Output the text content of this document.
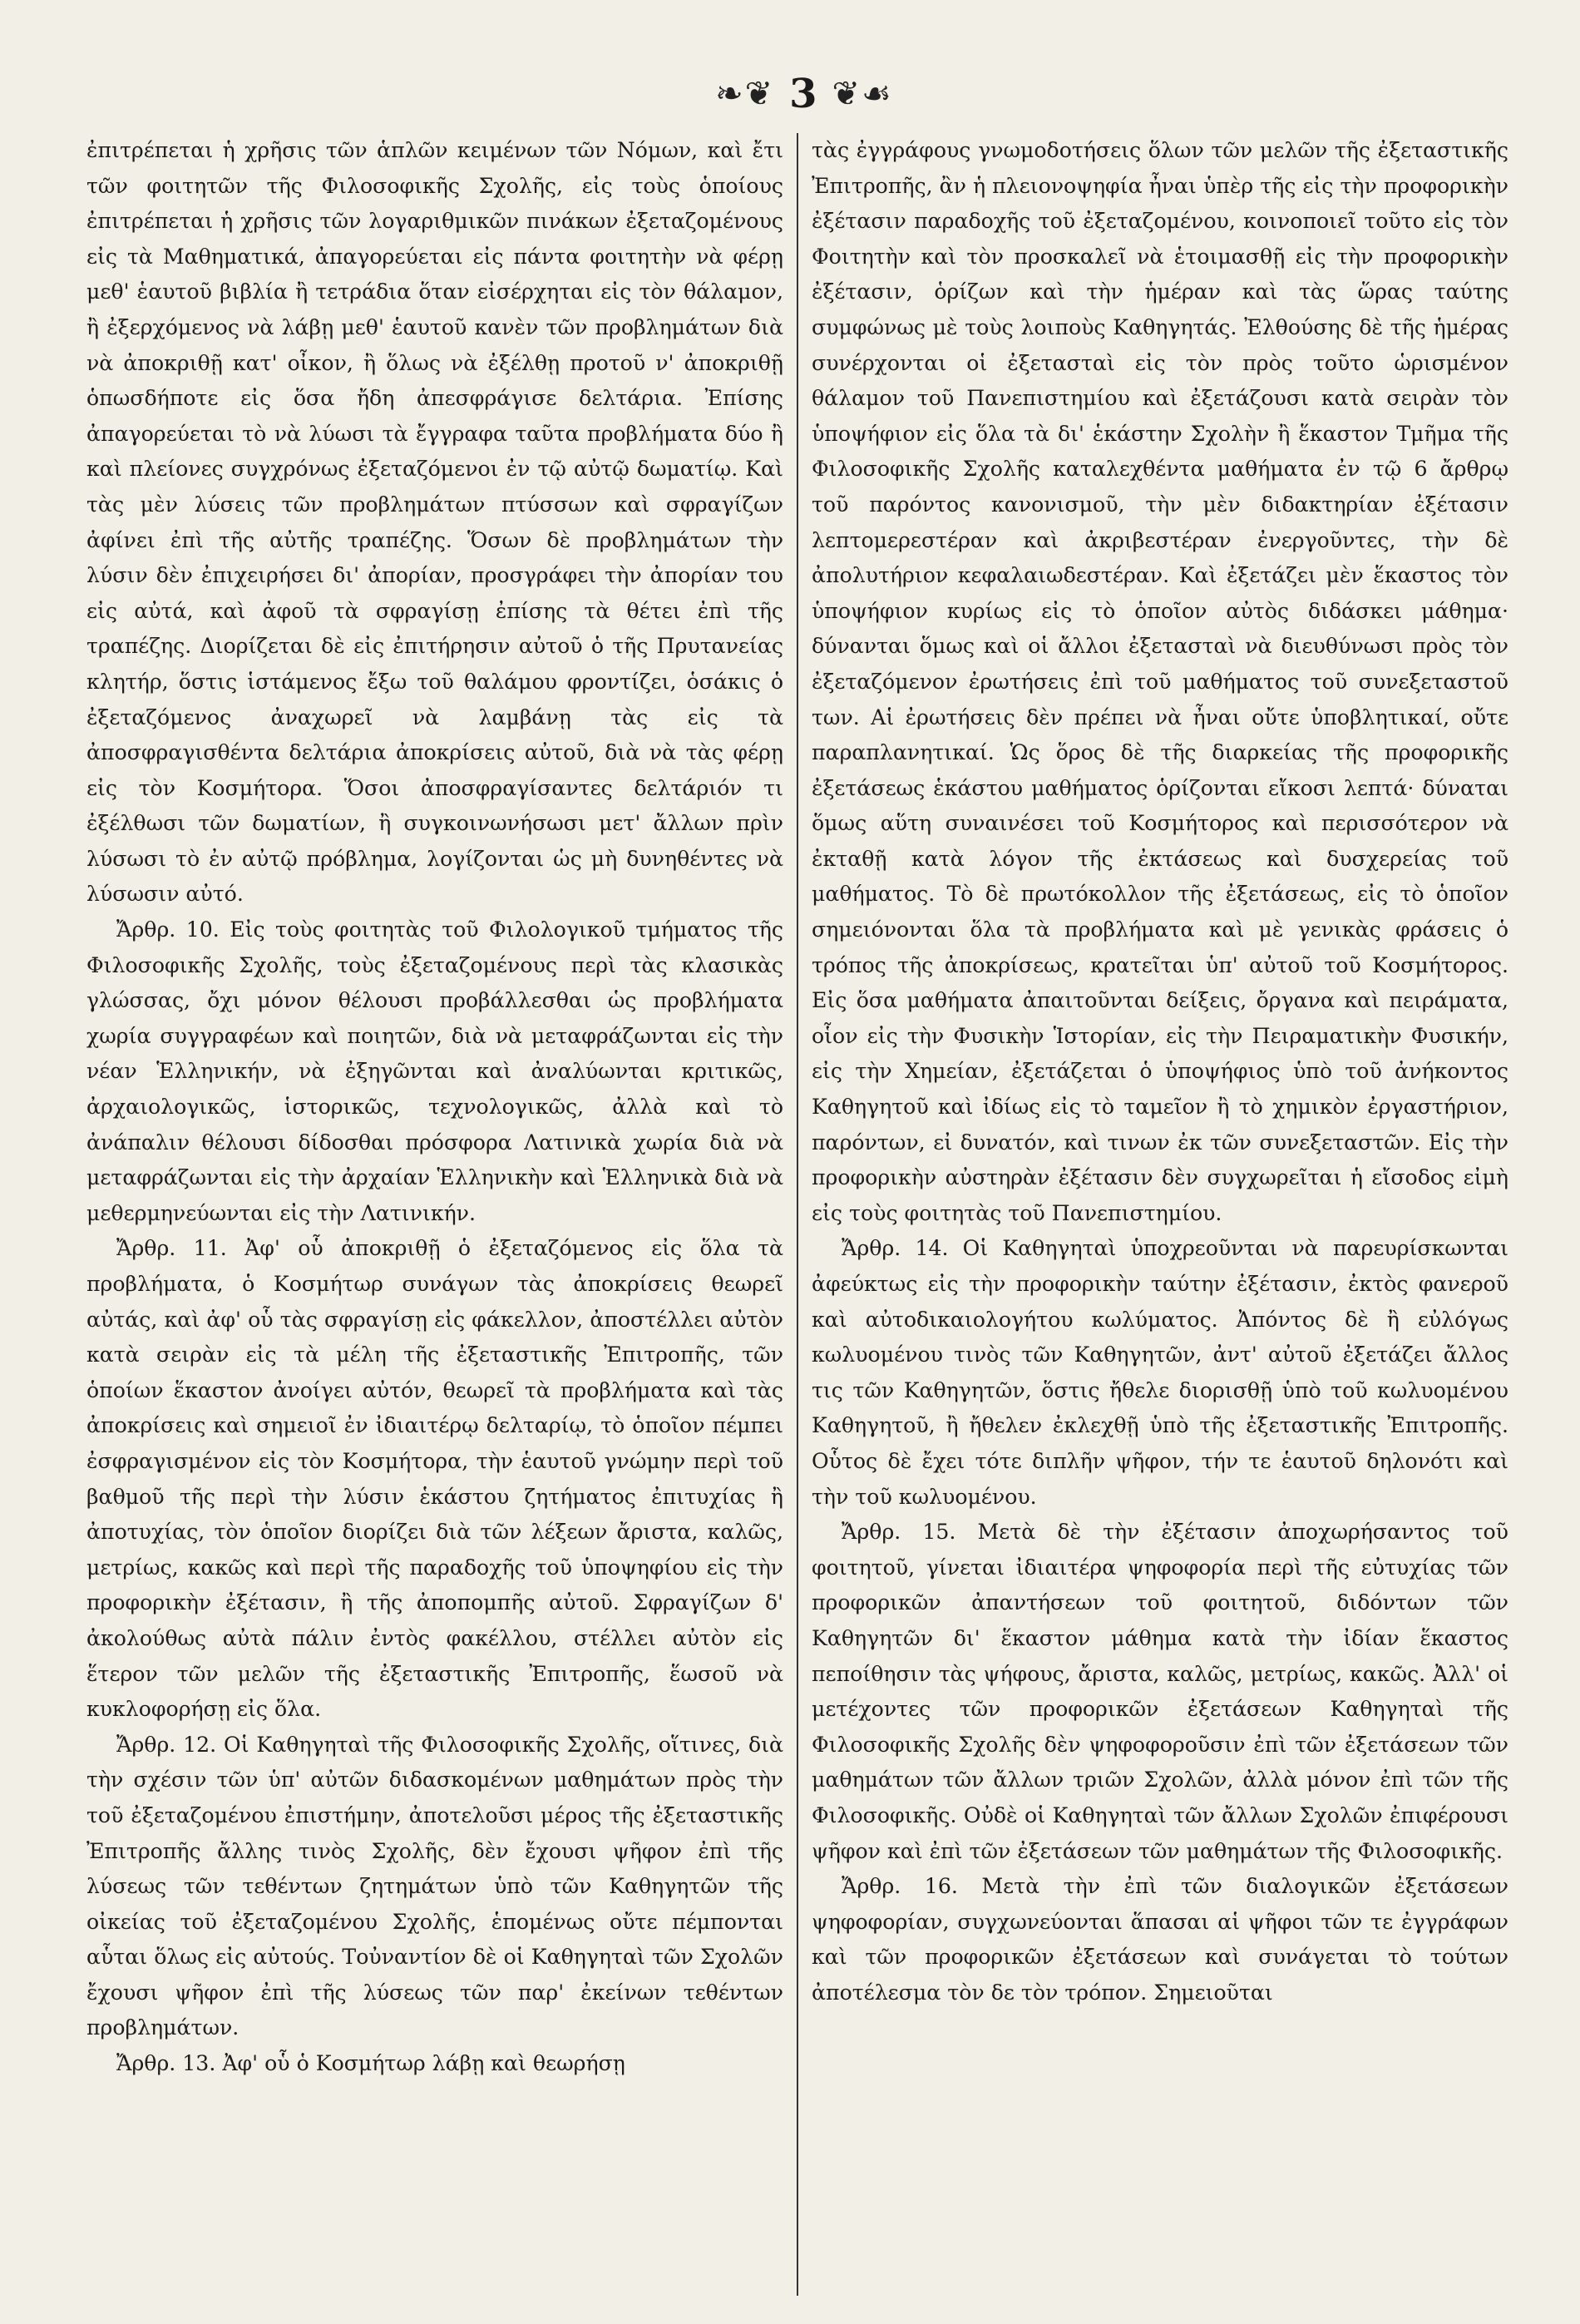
❧❦ 3 ❦☙

ἐπιτρέπεται ἡ χρῆσις τῶν ἁπλῶν κειμένων τῶν Νόμων, καὶ ἔτι τῶν φοιτητῶν τῆς Φιλοσοφικῆς Σχολῆς, εἰς τοὺς ὁποίους ἐπιτρέπεται ἡ χρῆσις τῶν λογαριθμικῶν πινάκων ἐξεταζομένους εἰς τὰ Μαθηματικά, ἀπαγορεύεται εἰς πάντα φοιτητὴν νὰ φέρῃ μεθ' ἑαυτοῦ βιβλία ἢ τετράδια ὅταν εἰσέρχηται εἰς τὸν θάλαμον, ἢ ἐξερχόμενος νὰ λάβῃ μεθ' ἑαυτοῦ κανὲν τῶν προβλημάτων διὰ νὰ ἀποκριθῇ κατ' οἶκον, ἢ ὅλως νὰ ἐξέλθῃ προτοῦ ν' ἀποκριθῇ ὁπωσδήποτε εἰς ὅσα ἤδη ἀπεσφράγισε δελτάρια. Ἐπίσης ἀπαγορεύεται τὸ νὰ λύωσι τὰ ἔγγραφα ταῦτα προβλήματα δύο ἢ καὶ πλείονες συγχρόνως ἐξεταζόμενοι ἐν τῷ αὐτῷ δωματίῳ. Καὶ τὰς μὲν λύσεις τῶν προβλημάτων πτύσσων καὶ σφραγίζων ἀφίνει ἐπὶ τῆς αὐτῆς τραπέζης. Ὅσων δὲ προβλημάτων τὴν λύσιν δὲν ἐπιχειρήσει δι' ἀπορίαν, προσγράφει τὴν ἀπορίαν του εἰς αὐτά, καὶ ἀφοῦ τὰ σφραγίσῃ ἐπίσης τὰ θέτει ἐπὶ τῆς τραπέζης. Διορίζεται δὲ εἰς ἐπιτήρησιν αὐτοῦ ὁ τῆς Πρυτανείας κλητήρ, ὅστις ἱστάμενος ἔξω τοῦ θαλάμου φροντίζει, ὁσάκις ὁ ἐξεταζόμενος ἀναχωρεῖ νὰ λαμβάνῃ τὰς εἰς τὰ ἀποσφραγισθέντα δελτάρια ἀποκρίσεις αὐτοῦ, διὰ νὰ τὰς φέρῃ εἰς τὸν Κοσμήτορα. Ὅσοι ἀποσφραγίσαντες δελτάριόν τι ἐξέλθωσι τῶν δωματίων, ἢ συγκοινωνήσωσι μετ' ἄλλων πρὶν λύσωσι τὸ ἐν αὐτῷ πρόβλημα, λογίζονται ὡς μὴ δυνηθέντες νὰ λύσωσιν αὐτό.

Ἄρθρ. 10. Εἰς τοὺς φοιτητὰς τοῦ Φιλολογικοῦ τμήματος τῆς Φιλοσοφικῆς Σχολῆς, τοὺς ἐξεταζομένους περὶ τὰς κλασικὰς γλώσσας, ὄχι μόνον θέλουσι προβάλλεσθαι ὡς προβλήματα χωρία συγγραφέων καὶ ποιητῶν, διὰ νὰ μεταφράζωνται εἰς τὴν νέαν Ἑλληνικήν, νὰ ἐξηγῶνται καὶ ἀναλύωνται κριτικῶς, ἀρχαιολογικῶς, ἱστορικῶς, τεχνολογικῶς, ἀλλὰ καὶ τὸ ἀνάπαλιν θέλουσι δίδοσθαι πρόσφορα Λατινικὰ χωρία διὰ νὰ μεταφράζωνται εἰς τὴν ἀρχαίαν Ἑλληνικὴν καὶ Ἑλληνικὰ διὰ νὰ μεθερμηνεύωνται εἰς τὴν Λατινικήν.

Ἄρθρ. 11. Ἀφ' οὗ ἀποκριθῇ ὁ ἐξεταζόμενος εἰς ὅλα τὰ προβλήματα, ὁ Κοσμήτωρ συνάγων τὰς ἀποκρίσεις θεωρεῖ αὐτάς, καὶ ἀφ' οὗ τὰς σφραγίσῃ εἰς φάκελλον, ἀποστέλλει αὐτὸν κατὰ σειρὰν εἰς τὰ μέλη τῆς ἐξεταστικῆς Ἐπιτροπῆς, τῶν ὁποίων ἕκαστον ἀνοίγει αὐτόν, θεωρεῖ τὰ προβλήματα καὶ τὰς ἀποκρίσεις καὶ σημειοῖ ἐν ἰδιαιτέρῳ δελταρίῳ, τὸ ὁποῖον πέμπει ἐσφραγισμένον εἰς τὸν Κοσμήτορα, τὴν ἑαυτοῦ γνώμην περὶ τοῦ βαθμοῦ τῆς περὶ τὴν λύσιν ἑκάστου ζητήματος ἐπιτυχίας ἢ ἀποτυχίας, τὸν ὁποῖον διορίζει διὰ τῶν λέξεων ἄριστα, καλῶς, μετρίως, κακῶς καὶ περὶ τῆς παραδοχῆς τοῦ ὑποψηφίου εἰς τὴν προφορικὴν ἐξέτασιν, ἢ τῆς ἀποπομπῆς αὐτοῦ. Σφραγίζων δ' ἀκολούθως αὐτὰ πάλιν ἐντὸς φακέλλου, στέλλει αὐτὸν εἰς ἕτερον τῶν μελῶν τῆς ἐξεταστικῆς Ἐπιτροπῆς, ἕωσοῦ νὰ κυκλοφορήσῃ εἰς ὅλα.

Ἄρθρ. 12. Οἱ Καθηγηταὶ τῆς Φιλοσοφικῆς Σχολῆς, οἵτινες, διὰ τὴν σχέσιν τῶν ὑπ' αὐτῶν διδασκομένων μαθημάτων πρὸς τὴν τοῦ ἐξεταζομένου ἐπιστήμην, ἀποτελοῦσι μέρος τῆς ἐξεταστικῆς Ἐπιτροπῆς ἄλλης τινὸς Σχολῆς, δὲν ἔχουσι ψῆφον ἐπὶ τῆς λύσεως τῶν τεθέντων ζητημάτων ὑπὸ τῶν Καθηγητῶν τῆς οἰκείας τοῦ ἐξεταζομένου Σχολῆς, ἑπομένως οὔτε πέμπονται αὗται ὅλως εἰς αὐτούς. Τοὐναντίον δὲ οἱ Καθηγηταὶ τῶν Σχολῶν ἔχουσι ψῆφον ἐπὶ τῆς λύσεως τῶν παρ' ἐκείνων τεθέντων προβλημάτων.

Ἄρθρ. 13. Ἀφ' οὗ ὁ Κοσμήτωρ λάβῃ καὶ θεωρήσῃ

τὰς ἐγγράφους γνωμοδοτήσεις ὅλων τῶν μελῶν τῆς ἐξεταστικῆς Ἐπιτροπῆς, ἂν ἡ πλειονοψηφία ἦναι ὑπὲρ τῆς εἰς τὴν προφορικὴν ἐξέτασιν παραδοχῆς τοῦ ἐξεταζομένου, κοινοποιεῖ τοῦτο εἰς τὸν Φοιτητὴν καὶ τὸν προσκαλεῖ νὰ ἑτοιμασθῇ εἰς τὴν προφορικὴν ἐξέτασιν, ὁρίζων καὶ τὴν ἡμέραν καὶ τὰς ὥρας ταύτης συμφώνως μὲ τοὺς λοιποὺς Καθηγητάς. Ἐλθούσης δὲ τῆς ἡμέρας συνέρχονται οἱ ἐξετασταὶ εἰς τὸν πρὸς τοῦτο ὡρισμένον θάλαμον τοῦ Πανεπιστημίου καὶ ἐξετάζουσι κατὰ σειρὰν τὸν ὑποψήφιον εἰς ὅλα τὰ δι' ἑκάστην Σχολὴν ἢ ἕκαστον Τμῆμα τῆς Φιλοσοφικῆς Σχολῆς καταλεχθέντα μαθήματα ἐν τῷ 6 ἄρθρῳ τοῦ παρόντος κανονισμοῦ, τὴν μὲν διδακτηρίαν ἐξέτασιν λεπτομερεστέραν καὶ ἀκριβεστέραν ἐνεργοῦντες, τὴν δὲ ἀπολυτήριον κεφαλαιωδεστέραν. Καὶ ἐξετάζει μὲν ἕκαστος τὸν ὑποψήφιον κυρίως εἰς τὸ ὁποῖον αὐτὸς διδάσκει μάθημα· δύνανται ὅμως καὶ οἱ ἄλλοι ἐξετασταὶ νὰ διευθύνωσι πρὸς τὸν ἐξεταζόμενον ἐρωτήσεις ἐπὶ τοῦ μαθήματος τοῦ συνεξεταστοῦ των. Αἱ ἐρωτήσεις δὲν πρέπει νὰ ἦναι οὔτε ὑποβλητικαί, οὔτε παραπλανητικαί. Ὡς ὅρος δὲ τῆς διαρκείας τῆς προφορικῆς ἐξετάσεως ἑκάστου μαθήματος ὁρίζονται εἴκοσι λεπτά· δύναται ὅμως αὕτη συναινέσει τοῦ Κοσμήτορος καὶ περισσότερον νὰ ἐκταθῇ κατὰ λόγον τῆς ἐκτάσεως καὶ δυσχερείας τοῦ μαθήματος. Τὸ δὲ πρωτόκολλον τῆς ἐξετάσεως, εἰς τὸ ὁποῖον σημειόνονται ὅλα τὰ προβλήματα καὶ μὲ γενικὰς φράσεις ὁ τρόπος τῆς ἀποκρίσεως, κρατεῖται ὑπ' αὐτοῦ τοῦ Κοσμήτορος. Εἰς ὅσα μαθήματα ἀπαιτοῦνται δείξεις, ὄργανα καὶ πειράματα, οἷον εἰς τὴν Φυσικὴν Ἱστορίαν, εἰς τὴν Πειραματικὴν Φυσικήν, εἰς τὴν Χημείαν, ἐξετάζεται ὁ ὑποψήφιος ὑπὸ τοῦ ἀνήκοντος Καθηγητοῦ καὶ ἰδίως εἰς τὸ ταμεῖον ἢ τὸ χημικὸν ἐργαστήριον, παρόντων, εἰ δυνατόν, καὶ τινων ἐκ τῶν συνεξεταστῶν. Εἰς τὴν προφορικὴν αὐστηρὰν ἐξέτασιν δὲν συγχωρεῖται ἡ εἴσοδος εἰμὴ εἰς τοὺς φοιτητὰς τοῦ Πανεπιστημίου.

Ἄρθρ. 14. Οἱ Καθηγηταὶ ὑποχρεοῦνται νὰ παρευρίσκωνται ἀφεύκτως εἰς τὴν προφορικὴν ταύτην ἐξέτασιν, ἐκτὸς φανεροῦ καὶ αὐτοδικαιολογήτου κωλύματος. Ἀπόντος δὲ ἢ εὐλόγως κωλυομένου τινὸς τῶν Καθηγητῶν, ἀντ' αὐτοῦ ἐξετάζει ἄλλος τις τῶν Καθηγητῶν, ὅστις ἤθελε διορισθῇ ὑπὸ τοῦ κωλυομένου Καθηγητοῦ, ἢ ἤθελεν ἐκλεχθῇ ὑπὸ τῆς ἐξεταστικῆς Ἐπιτροπῆς. Οὗτος δὲ ἔχει τότε διπλῆν ψῆφον, τήν τε ἑαυτοῦ δηλονότι καὶ τὴν τοῦ κωλυομένου.

Ἄρθρ. 15. Μετὰ δὲ τὴν ἐξέτασιν ἀποχωρήσαντος τοῦ φοιτητοῦ, γίνεται ἰδιαιτέρα ψηφοφορία περὶ τῆς εὐτυχίας τῶν προφορικῶν ἀπαντήσεων τοῦ φοιτητοῦ, διδόντων τῶν Καθηγητῶν δι' ἕκαστον μάθημα κατὰ τὴν ἰδίαν ἕκαστος πεποίθησιν τὰς ψήφους, ἄριστα, καλῶς, μετρίως, κακῶς. Ἀλλ' οἱ μετέχοντες τῶν προφορικῶν ἐξετάσεων Καθηγηταὶ τῆς Φιλοσοφικῆς Σχολῆς δὲν ψηφοφοροῦσιν ἐπὶ τῶν ἐξετάσεων τῶν μαθημάτων τῶν ἄλλων τριῶν Σχολῶν, ἀλλὰ μόνον ἐπὶ τῶν τῆς Φιλοσοφικῆς. Οὐδὲ οἱ Καθηγηταὶ τῶν ἄλλων Σχολῶν ἐπιφέρουσι ψῆφον καὶ ἐπὶ τῶν ἐξετάσεων τῶν μαθημάτων τῆς Φιλοσοφικῆς.

Ἄρθρ. 16. Μετὰ τὴν ἐπὶ τῶν διαλογικῶν ἐξετάσεων ψηφοφορίαν, συγχωνεύονται ἅπασαι αἱ ψῆφοι τῶν τε ἐγγράφων καὶ τῶν προφορικῶν ἐξετάσεων καὶ συνάγεται τὸ τούτων ἀποτέλεσμα τὸν δε τὸν τρόπον. Σημειοῦται
